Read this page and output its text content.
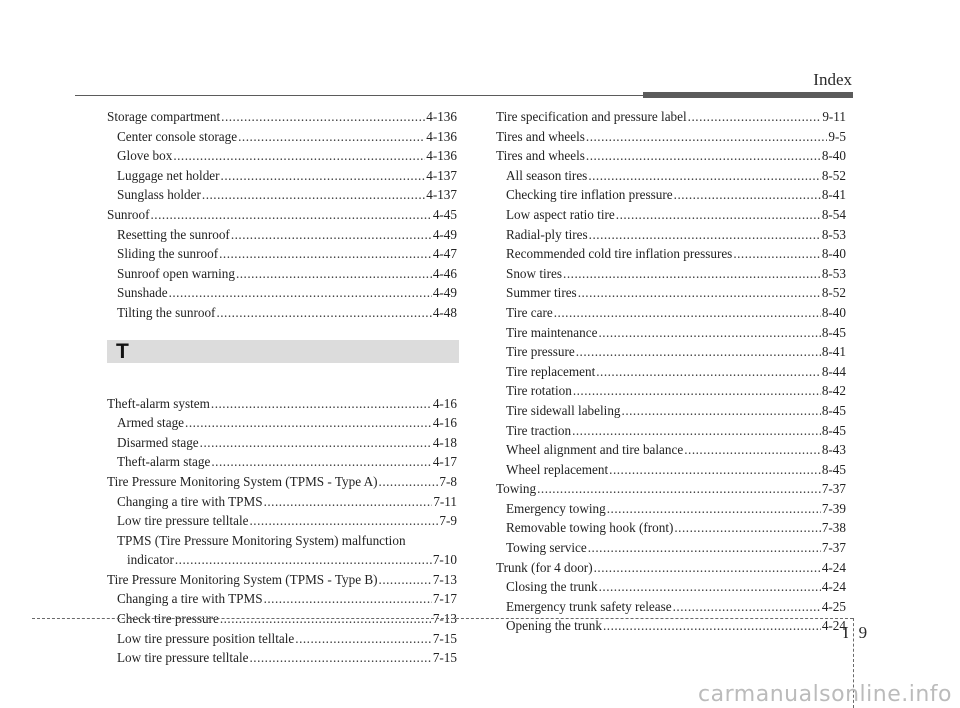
Index
Storage compartment .....	4-136
Center console storage .....	4-136
Glove box .....	4-136
Luggage net holder .....	4-137
Sunglass holder .....	4-137
Sunroof .....	4-45
Resetting the sunroof .....	4-49
Sliding the sunroof .....	4-47
Sunroof open warning .....	4-46
Sunshade .....	4-49
Tilting the sunroof .....	4-48
T
Theft-alarm system .....	4-16
Armed stage .....	4-16
Disarmed stage .....	4-18
Theft-alarm stage .....	4-17
Tire Pressure Monitoring System (TPMS - Type A) .....	7-8
Changing a tire with TPMS .....	7-11
Low tire pressure telltale .....	7-9
TPMS (Tire Pressure Monitoring System) malfunction
indicator .....	7-10
Tire Pressure Monitoring System (TPMS - Type B) .....	7-13
Changing a tire with TPMS .....	7-17
Check tire pressure .....	7-13
Low tire pressure position telltale .....	7-15
Low tire pressure telltale .....	7-15
Tire specification and pressure label .....	9-11
Tires and wheels .....	9-5
Tires and wheels .....	8-40
All season tires .....	8-52
Checking tire inflation pressure .....	8-41
Low aspect ratio tire .....	8-54
Radial-ply tires .....	8-53
Recommended cold tire inflation pressures .....	8-40
Snow tires .....	8-53
Summer tires .....	8-52
Tire care .....	8-40
Tire maintenance .....	8-45
Tire pressure .....	8-41
Tire replacement .....	8-44
Tire rotation .....	8-42
Tire sidewall labeling .....	8-45
Tire traction .....	8-45
Wheel alignment and tire balance .....	8-43
Wheel replacement .....	8-45
Towing .....	7-37
Emergency towing .....	7-39
Removable towing hook (front) .....	7-38
Towing service .....	7-37
Trunk (for 4 door) .....	4-24
Closing the trunk .....	4-24
Emergency trunk safety release .....	4-25
Opening the trunk .....	4-24
I9
carmanualsonline.info
